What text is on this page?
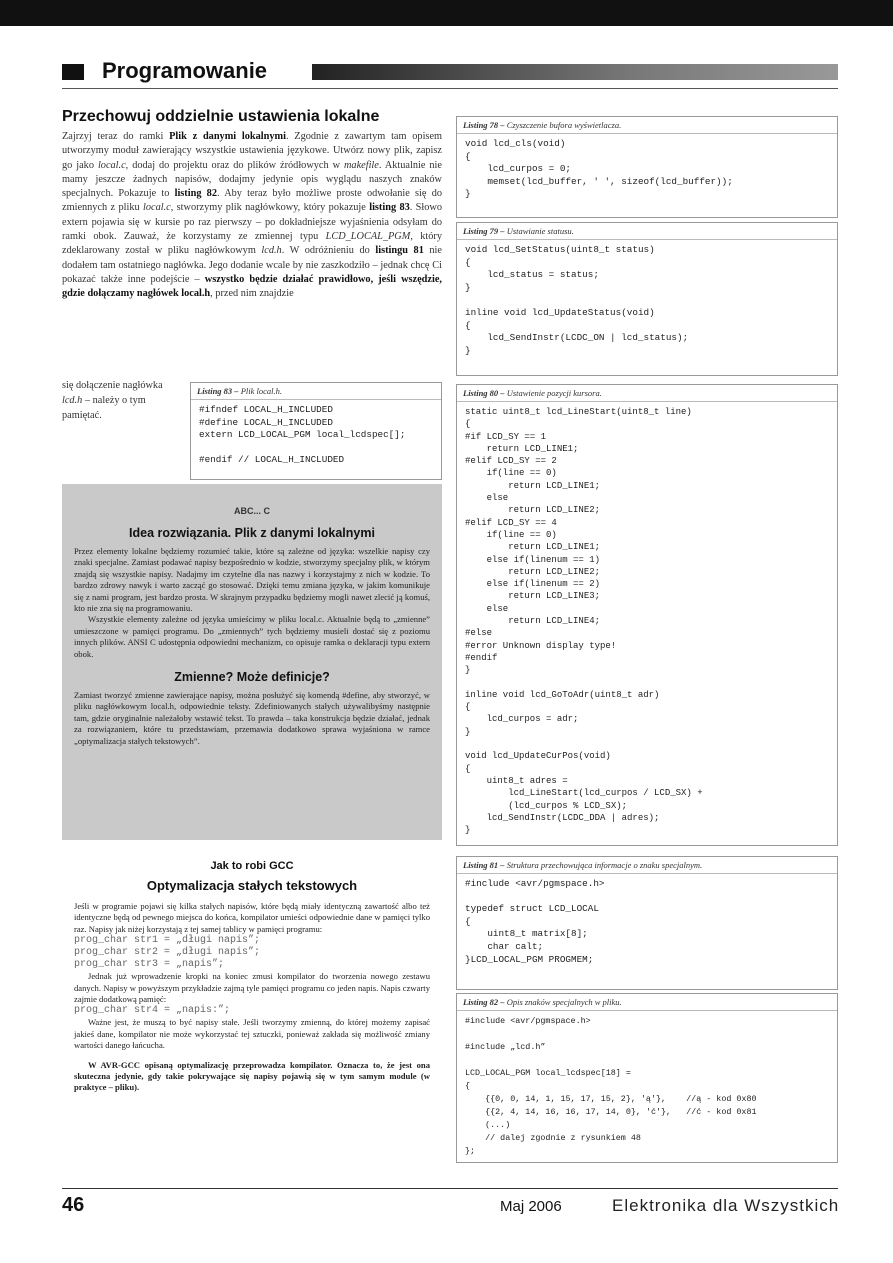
Programowanie
Przechowuj oddzielnie ustawienia lokalne

Zajrzyj teraz do ramki Plik z danymi lokalnymi. Zgodnie z zawartym tam opisem utworzymy moduł zawierający wszystkie ustawienia językowe. Utwórz nowy plik, zapisz go jako local.c, dodaj do projektu oraz do plików źródłowych w makefile. Aktualnie nie mamy jeszcze żadnych napisów, dodajmy jedynie opis wyglądu naszych znaków specjalnych. Pokazuje to listing 82. Aby teraz było możliwe proste odwołanie się do zmiennych z pliku local.c, stworzymy plik nagłówkowy, który pokazuje listing 83. Słowo extern pojawia się w kursie po raz pierwszy – po dokładniejsze wyjaśnienia odsyłam do ramki obok. Zauważ, że korzystamy ze zmiennej typu LCD_LOCAL_PGM, który zdeklarowany został w pliku nagłówkowym lcd.h. W odróżnieniu do listingu 81 nie dodałem tam ostatniego nagłówka. Jego dodanie wcale by nie zaszkodziło – jednak chcę Ci pokazać także inne podejście – wszystko będzie działać prawidłowo, jeśli wszędzie, gdzie dołączamy nagłówek local.h, przed nim znajdzie

się dołączenie nagłówka lcd.h – należy o tym pamiętać.
Listing 83 – Plik local.h.
#ifndef LOCAL_H_INCLUDED
#define LOCAL_H_INCLUDED
extern LCD_LOCAL_PGM local_lcdspec[];

#endif // LOCAL_H_INCLUDED
ABC... C
Idea rozwiązania. Plik z danymi lokalnymi

Przez elementy lokalne będziemy rozumieć takie, które są zależne od języka: wszelkie napisy czy znaki specjalne. Zamiast podawać napisy bezpośrednio w kodzie, stworzymy specjalny plik, w którym znajdą się wszystkie napisy. Nadajmy im czytelne dla nas nazwy i korzystajmy z nich w kodzie. To bardzo zdrowy nawyk i warto zacząć go stosować. Dzięki temu zmiana języka, w jakim komunikuje się z nami program, jest bardzo prosta. W skrajnym przypadku będziemy mogli nawet zlecić ją komuś, kto nie zna się na programowaniu.

Wszystkie elementy zależne od języka umieścimy w pliku local.c. Aktualnie będą to „zmienne” umieszczone w pamięci programu. Do „zmiennych” tych będziemy musieli dostać się z poziomu innych plików. ANSI C udostępnia odpowiedni mechanizm, co opisuje ramka o deklaracji typu extern obok.

Zmienne? Może definicje?

Zamiast tworzyć zmienne zawierające napisy, można posłużyć się komendą #define, aby stworzyć, w pliku nagłówkowym local.h, odpowiednie teksty. Zdefiniowanych stałych używalibyśmy następnie tam, gdzie oryginalnie należałoby wstawić tekst. To prawda – taka konstrukcja będzie działać, jednak za rozwiązaniem, które tu przedstawiam, przemawia dodatkowo sprawa wyjaśniona w ramce „optymalizacja stałych tekstowych”.

Jak to robi GCC
Optymalizacja stałych tekstowych

Jeśli w programie pojawi się kilka stałych napisów, które będą miały identyczną zawartość albo też identyczne będą od pewnego miejsca do końca, kompilator umieści odpowiednie dane w pamięci tylko raz. Napisy jak niżej korzystają z tej samej tablicy w pamięci programu:

prog_char str1 = „długi napis”;
prog_char str2 = „długi napis”;
prog_char str3 = „napis”;

Jednak już wprowadzenie kropki na koniec zmusi kompilator do tworzenia nowego zestawu danych. Napisy w powyższym przykładzie zajmą tyle pamięci programu co jeden napis. Napis czwarty zajmie dodatkową pamięć:

prog_char str4 = „napis:”;

Ważne jest, że muszą to być napisy stałe. Jeśli tworzymy zmienną, do której możemy zapisać jakieś dane, kompilator nie może wykorzystać tej sztuczki, ponieważ zakłada się możliwość zmiany wartości danego łańcucha.

W AVR-GCC opisaną optymalizację przeprowadza kompilator. Oznacza to, że jest ona skuteczna jedynie, gdy takie pokrywające się napisy pojawią się w tym samym module (w praktyce – pliku).

Listing 78 – Czyszczenie bufora wyświetlacza.
void lcd_cls(void)
{
lcd_curpos = 0;
memset(lcd_buffer, ' ', sizeof(lcd_buffer));
}
Listing 79 – Ustawianie statusu.
void lcd_SetStatus(uint8_t status)
{
lcd_status = status;
}

inline void lcd_UpdateStatus(void)
{
lcd_SendInstr(LCDC_ON | lcd_status);
}
Listing 80 – Ustawienie pozycji kursora.
static uint8_t lcd_LineStart(uint8_t line)
{
#if LCD_SY == 1
return LCD_LINE1;
#elif LCD_SY == 2
if(line == 0)
return LCD_LINE1;
else
return LCD_LINE2;
#elif LCD_SY == 4
if(line == 0)
return LCD_LINE1;
else if(linenum == 1)
return LCD_LINE2;
else if(linenum == 2)
return LCD_LINE3;
else
return LCD_LINE4;
#else
#error Unknown display type!
#endif
}

inline void lcd_GoToAdr(uint8_t adr)
{
lcd_curpos = adr;
}

void lcd_UpdateCurPos(void)
{
uint8_t adres =
lcd_LineStart(lcd_curpos / LCD_SX) +
(lcd_curpos % LCD_SX);
lcd_SendInstr(LCDC_DDA | adres);
}
Listing 81 – Struktura przechowująca informacje o znaku specjalnym.
#include <avr/pgmspace.h>

typedef struct LCD_LOCAL
{
uint8_t matrix[8];
char calt;
}LCD_LOCAL_PGM PROGMEM;
Listing 82 – Opis znaków specjalnych w pliku.
#include <avr/pgmspace.h>

#include „lcd.h”

LCD_LOCAL_PGM local_lcdspec[18] =
{
{{0, 0, 14, 1, 15, 17, 15, 2}, 'ą'},    //ą - kod 0x80
{{2, 4, 14, 16, 16, 17, 14, 0}, 'ć'},   //ć - kod 0x81
(...)
// dalej zgodnie z rysunkiem 48
};
46	Maj 2006	Elektronika dla Wszystkich
